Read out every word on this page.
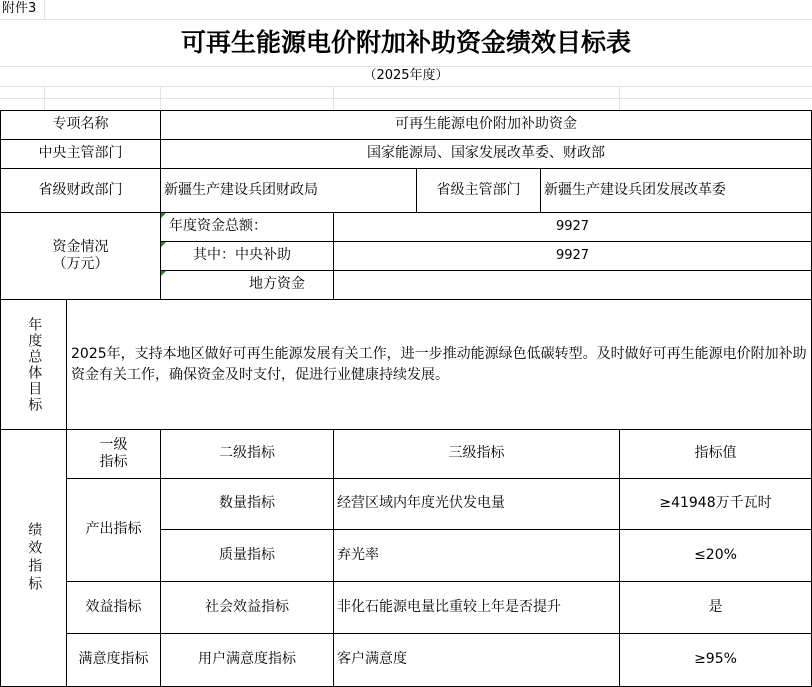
附件3
可再生能源电价附加补助资金绩效目标表
（2025年度）
专项名称	可再生能源电价附加补助资金
中央主管部门	国家能源局、国家发展改革委、财政部
省级财政部门	新疆生产建设兵团财政局	省级主管部门	新疆生产建设兵团发展改革委
资金情况
（万元）
年度资金总额：	9927
其中：中央补助	9927
地方资金
年度总体目标	2025年，支持本地区做好可再生能源发展有关工作，进一步推动能源绿色低碳转型。及时做好可再生能源电价附加补助资金有关工作，确保资金及时支付，促进行业健康持续发展。
绩效指标
一级
指标
二级指标	三级指标	指标值
产出指标
数量指标	经营区域内年度光伏发电量	≥41948万千瓦时
质量指标	弃光率	≤20%
效益指标	社会效益指标	非化石能源电量比重较上年是否提升	是
满意度指标	用户满意度指标	客户满意度	≥95%
